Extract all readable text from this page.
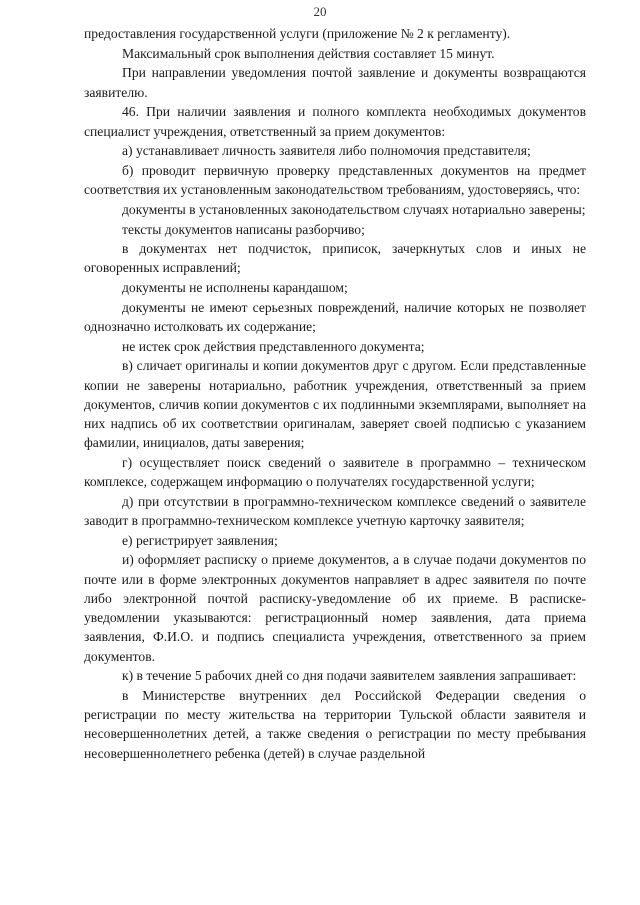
20

предоставления государственной услуги (приложение № 2 к регламенту).

Максимальный срок выполнения действия составляет 15 минут.

При направлении уведомления почтой заявление и документы возвращаются заявителю.

46. При наличии заявления и полного комплекта необходимых документов специалист учреждения, ответственный за прием документов:

а) устанавливает личность заявителя либо полномочия представителя;

б) проводит первичную проверку представленных документов на предмет соответствия их установленным законодательством требованиям, удостоверяясь, что:

документы в установленных законодательством случаях нотариально заверены;

тексты документов написаны разборчиво;

в документах нет подчисток, приписок, зачеркнутых слов и иных не оговоренных исправлений;

документы не исполнены карандашом;

документы не имеют серьезных повреждений, наличие которых не позволяет однозначно истолковать их содержание;

не истек срок действия представленного документа;

в) сличает оригиналы и копии документов друг с другом. Если представленные копии не заверены нотариально, работник учреждения, ответственный за прием документов, сличив копии документов с их подлинными экземплярами, выполняет на них надпись об их соответствии оригиналам, заверяет своей подписью с указанием фамилии, инициалов, даты заверения;

г) осуществляет поиск сведений о заявителе в программно – техническом комплексе, содержащем информацию о получателях государственной услуги;

д) при отсутствии в программно-техническом комплексе сведений о заявителе заводит в программно-техническом комплексе учетную карточку заявителя;

е) регистрирует заявления;

и) оформляет расписку о приеме документов, а в случае подачи документов по почте или в форме электронных документов направляет в адрес заявителя по почте либо электронной почтой расписку-уведомление об их приеме. В расписке-уведомлении указываются: регистрационный номер заявления, дата приема заявления, Ф.И.О. и подпись специалиста учреждения, ответственного за прием документов.

к) в течение 5 рабочих дней со дня подачи заявителем заявления запрашивает:

в Министерстве внутренних дел Российской Федерации сведения о регистрации по месту жительства на территории Тульской области заявителя и несовершеннолетних детей, а также сведения о регистрации по месту пребывания несовершеннолетнего ребенка (детей) в случае раздельной
